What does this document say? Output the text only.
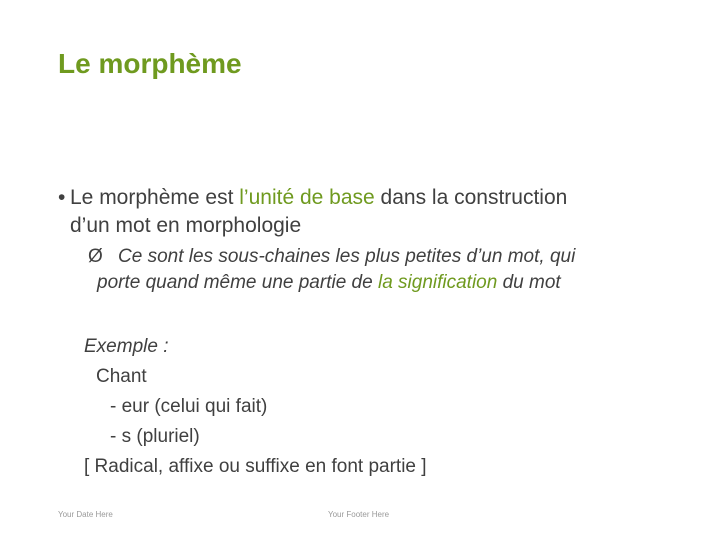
Le morphème
• Le morphème est l’unité de base dans la construction
d’un mot en morphologie
Ø Ce sont les sous-chaines les plus petites d’un mot, qui
porte quand même une partie de la signification du mot
Exemple :
Chant
- eur (celui qui fait)
- s (pluriel)
[ Radical, affixe ou suffixe en font partie ]
Your Date Here	Your Footer Here
